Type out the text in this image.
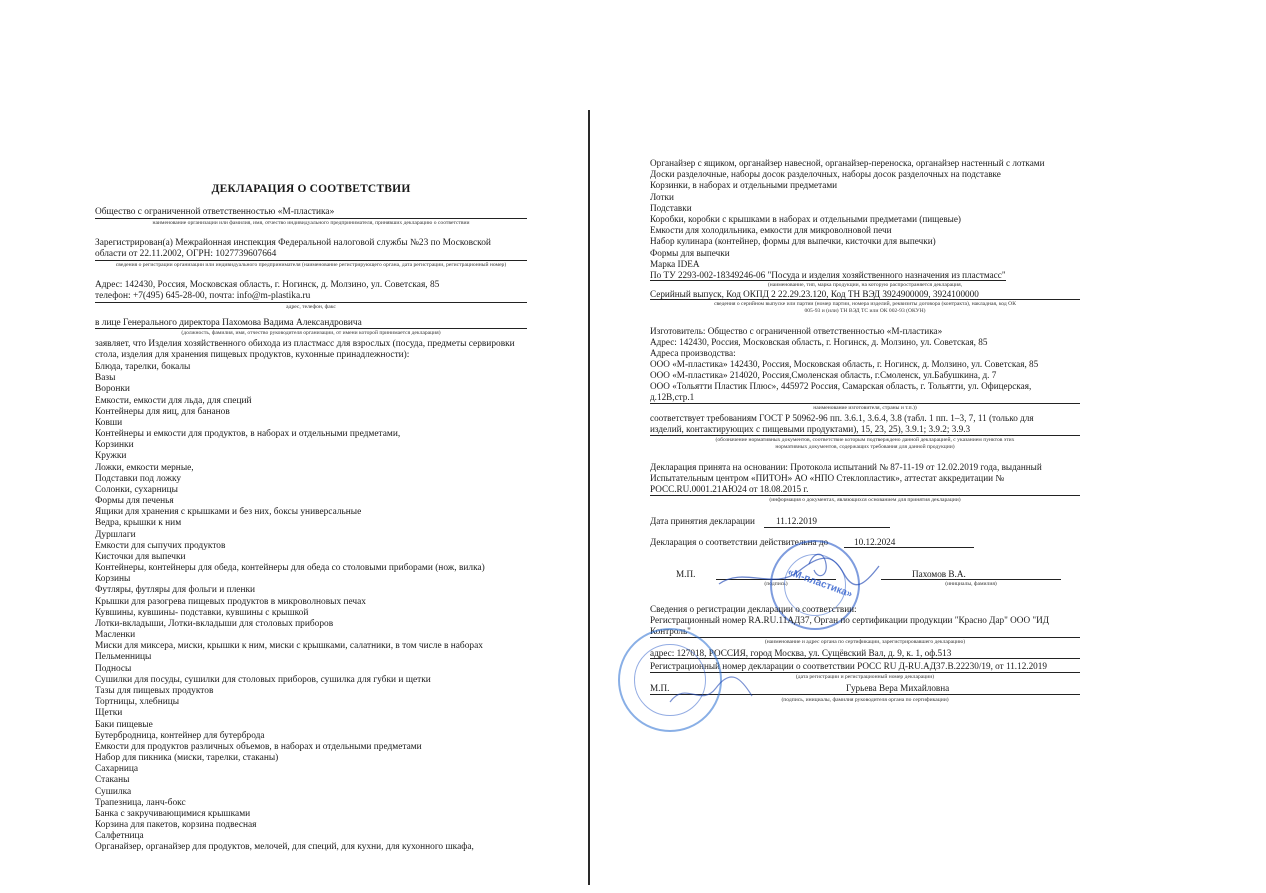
ДЕКЛАРАЦИЯ О СООТВЕТСТВИИ
Общество с ограниченной ответственностью «М-пластика»
наименование организации или фамилия, имя, отчество индивидуального предпринимателя, принявших декларацию о соответствии
Зарегистрирован(а) Межрайонная инспекция Федеральной налоговой службы №23 по Московской
области от 22.11.2002, ОГРН: 1027739607664
сведения о регистрации организации или индивидуального предпринимателя (наименование регистрирующего органа, дата регистрации, регистрационный номер)
Адрес: 142430, Россия, Московская область, г. Ногинск, д. Молзино, ул. Советская, 85
телефон: +7(495) 645-28-00, почта: info@m-plastika.ru
адрес, телефон, факс
в лице Генерального директора Пахомова Вадима Александровича
(должность, фамилия, имя, отчество руководителя организации, от имени которой принимается декларация)
заявляет, что Изделия хозяйственного обихода из пластмасс для взрослых (посуда, предметы сервировки
стола, изделия для хранения пищевых продуктов, кухонные принадлежности):
Блюда, тарелки, бокалы
Вазы
Воронки
Емкости, емкости для льда, для специй
Контейнеры для яиц, для бананов
Ковши
Контейнеры и емкости для продуктов, в наборах и отдельными предметами,
Корзинки
Кружки
Ложки, емкости мерные,
Подставки под ложку
Солонки, сухарницы
Формы для печенья
Ящики для хранения с крышками и без них, боксы универсальные
Ведра, крышки к ним
Дуршлаги
Емкости для сыпучих продуктов
Кисточки для выпечки
Контейнеры, контейнеры для обеда, контейнеры для обеда со столовыми приборами (нож, вилка)
Корзины
Футляры, футляры для фольги и пленки
Крышки для разогрева пищевых продуктов в микроволновых печах
Кувшины, кувшины- подставки, кувшины с крышкой
Лотки-вкладыши, Лотки-вкладыши для столовых приборов
Масленки
Миски для миксера, миски, крышки к ним, миски с крышками, салатники, в том числе в наборах
Пельменницы
Подносы
Сушилки для посуды, сушилки для столовых приборов, сушилка для губки и щетки
Тазы для пищевых продуктов
Тортницы, хлебницы
Щетки
Баки пищевые
Бутербродница, контейнер для бутерброда
Емкости для продуктов различных объемов, в наборах и отдельными предметами
Набор для пикника (миски, тарелки, стаканы)
Сахарница
Стаканы
Сушилка
Трапезница, ланч-бокс
Банка с закручивающимися крышками
Корзина для пакетов, корзина подвесная
Салфетница
Органайзер, органайзер для продуктов, мелочей, для специй, для кухни, для кухонного шкафа,
Органайзер с ящиком, органайзер навесной, органайзер-переноска, органайзер настенный с лотками
Доски разделочные, наборы досок разделочных, наборы досок разделочных на подставке
Корзинки, в наборах и отдельными предметами
Лотки
Подставки
Коробки, коробки с крышками в наборах и отдельными предметами (пищевые)
Емкости для холодильника, емкости для микроволновой печи
Набор кулинара (контейнер, формы для выпечки, кисточки для выпечки)
Формы для выпечки
Марка IDEA
По ТУ 2293-002-18349246-06 "Посуда и изделия хозяйственного назначения из пластмасс"
(наименование, тип, марка продукции, на которую распространяется декларация,
Серийный выпуск, Код ОКПД 2 22.29.23.120, Код ТН ВЭД 3924900009, 3924100000
сведения о серийном выпуске или партии (номер партии, номера изделий, реквизиты договора (контракта), накладная, код ОК
005-93 и (или) ТН ВЭД ТС или ОК 002-93 (ОКУН)
Изготовитель: Общество с ограниченной ответственностью «М-пластика»
Адрес: 142430, Россия, Московская область, г. Ногинск, д. Молзино, ул. Советская, 85
Адреса производства:
ООО «М-пластика» 142430, Россия, Московская область, г. Ногинск, д. Молзино, ул. Советская, 85
ООО «М-пластика» 214020, Россия,Смоленская область, г.Смоленск, ул.Бабушкина, д. 7
ООО «Тольятти Пластик Плюс», 445972 Россия, Самарская область, г. Тольятти, ул. Офицерская,
д.12В,стр.1
наименование изготовителя, страны и т.п.))
соответствует требованиям ГОСТ Р 50962-96 пп. 3.6.1, 3.6.4, 3.8 (табл. 1 пп. 1–3, 7, 11 (только для
изделий, контактирующих с пищевыми продуктами), 15, 23, 25), 3.9.1; 3.9.2; 3.9.3
(обозначение нормативных документов, соответствие которым подтверждено данной декларацией, с указанием пунктов этих
нормативных документов, содержащих требования для данной продукции)
Декларация принята на основании: Протокола испытаний № 87-11-19 от 12.02.2019 года, выданный
Испытательным центром «ПИТОН» АО «НПО Стеклопластик», аттестат аккредитации №
РОСС.RU.0001.21АЮ24 от 18.08.2015 г.
(информация о документах, являющихся основанием для принятия декларации)
Дата принятия декларации 11.12.2019
Декларация о соответствии действительна до	10.12.2024
М.П.
(подпись)
Пахомов В.А.
(инициалы, фамилия)
«М-пластика»
Сведения о регистрации декларации о соответствии:
Регистрационный номер RA.RU.11АД37, Орган по сертификации продукции "Красно Дар" ООО "ИД
Контроль"
(наименование и адрес органа по сертификации, зарегистрировавшего декларацию)
адрес: 127018, РОССИЯ, город Москва, ул. Сущёвский Вал, д. 9, к. 1, оф.513
Регистрационный номер декларации о соответствии РОСС RU Д-RU.АД37.В.22230/19, от 11.12.2019
(дата регистрации и регистрационный номер декларации)
М.П.	Гурьева Вера Михайловна
(подпись, инициалы, фамилия руководителя органа по сертификации)
